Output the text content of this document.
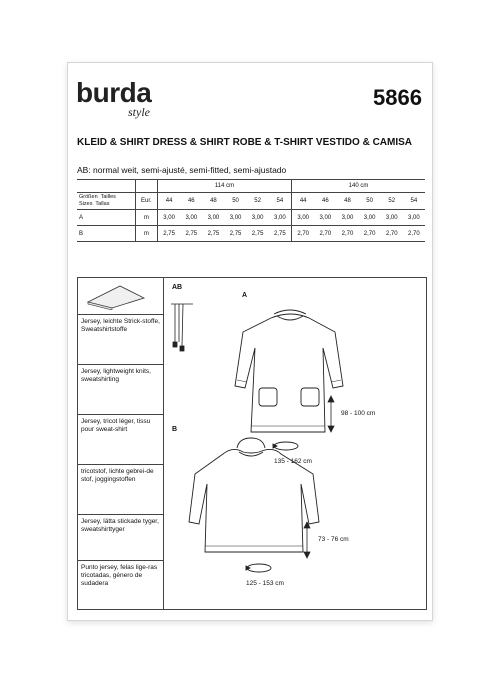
burda
style
5866
KLEID & SHIRT DRESS & SHIRT ROBE & T-SHIRT VESTIDO & CAMISA
AB: normal weit, semi-ajusté, semi-fitted, semi-ajustado
		114 cm						140 cm					
Größen  Tailles
Sizes  Tallas	Eur.	44	46	48	50	52	54	44	46	48	50	52	54
A	m	3,00	3,00	3,00	3,00	3,00	3,00	3,00	3,00	3,00	3,00	3,00	3,00
B	m	2,75	2,75	2,75	2,75	2,75	2,75	2,70	2,70	2,70	2,70	2,70	2,70
Jersey, leichte Strick-stoffe, Sweatshirtstoffe
Jersey, lightweight knits, sweatshirting
Jersey, tricot léger, tissu pour sweat-shirt
tricotstof, lichte gebrei-de stof, joggingstoffen
Jersey, lätta stickade tyger, sweatshirttyger
Punto jersey, felas lige-ras tricotadas, género de sudadera
AB
A
B
98 - 100 cm
135 - 162 cm
73 - 76 cm
125 - 153 cm
